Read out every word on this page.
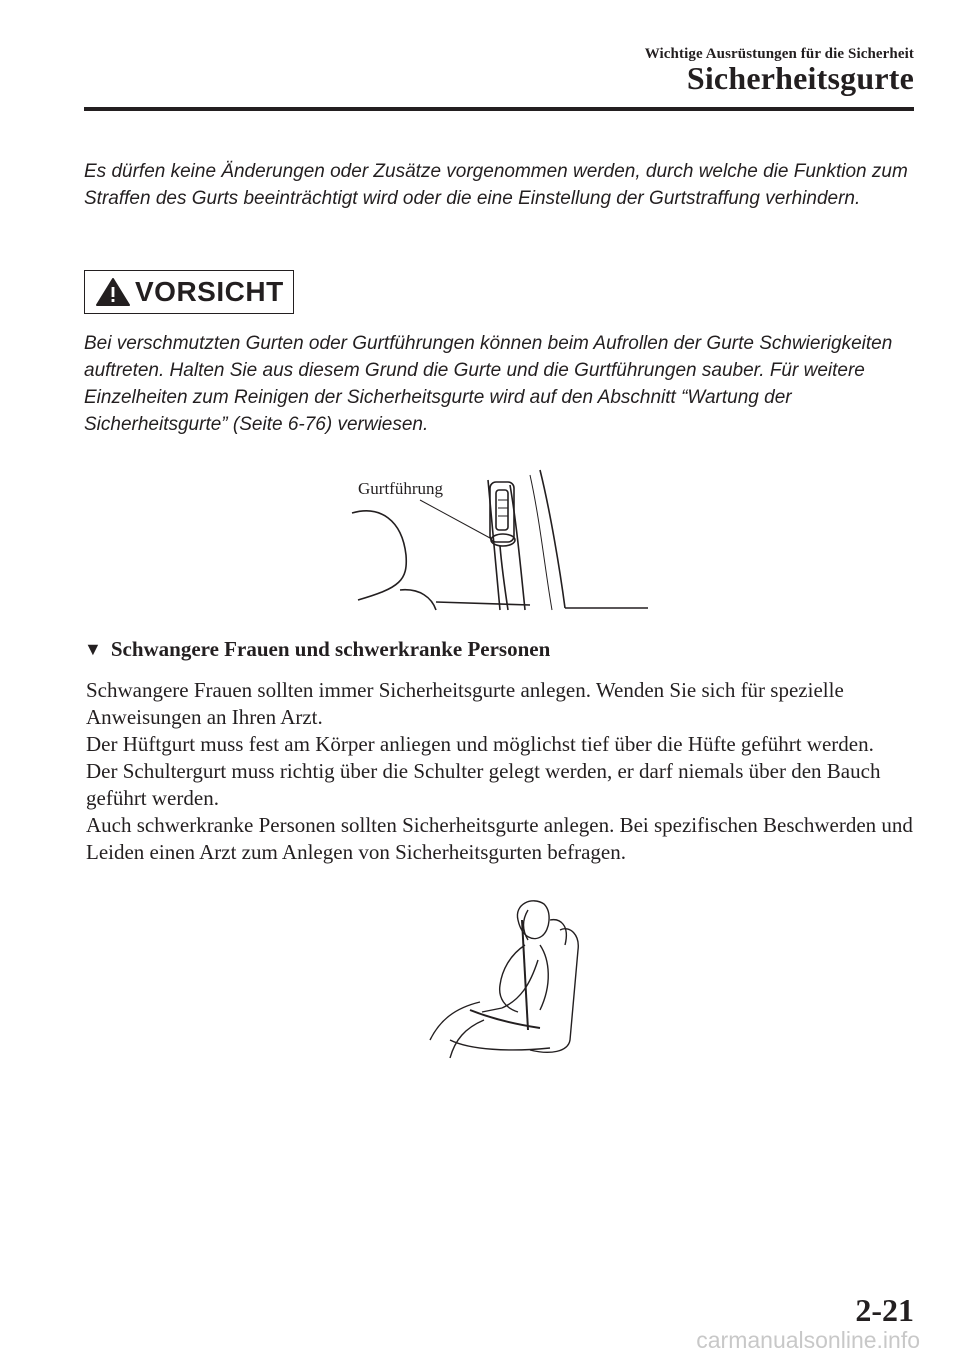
Wichtige Ausrüstungen für die Sicherheit
Sicherheitsgurte
Es dürfen keine Änderungen oder Zusätze vorgenommen werden, durch welche die Funktion zum Straffen des Gurts beeinträchtigt wird oder die eine Einstellung der Gurtstraffung verhindern.
VORSICHT
Bei verschmutzten Gurten oder Gurtführungen können beim Aufrollen der Gurte Schwierigkeiten auftreten. Halten Sie aus diesem Grund die Gurte und die Gurtführungen sauber. Für weitere Einzelheiten zum Reinigen der Sicherheitsgurte wird auf den Abschnitt “Wartung der Sicherheitsgurte” (Seite 6-76) verwiesen.
Gurtführung
▼ Schwangere Frauen und schwerkranke Personen

Schwangere Frauen sollten immer Sicherheitsgurte anlegen. Wenden Sie sich für spezielle Anweisungen an Ihren Arzt.

Der Hüftgurt muss fest am Körper anliegen und möglichst tief über die Hüfte geführt werden.

Der Schultergurt muss richtig über die Schulter gelegt werden, er darf niemals über den Bauch geführt werden.

Auch schwerkranke Personen sollten Sicherheitsgurte anlegen. Bei spezifischen Beschwerden und Leiden einen Arzt zum Anlegen von Sicherheitsgurten befragen.

2-21
carmanualsonline.info
